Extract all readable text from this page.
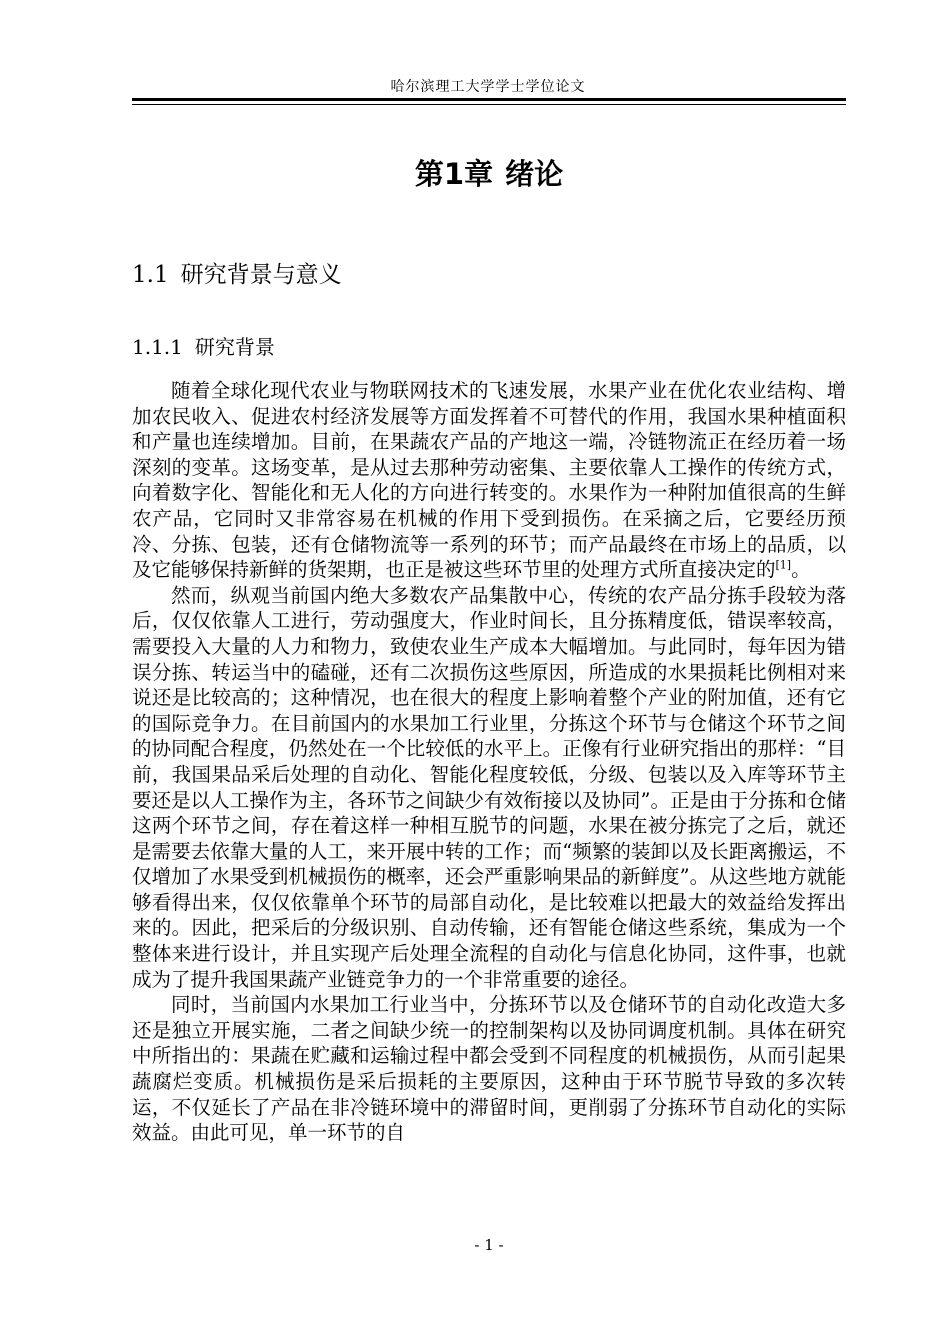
哈尔滨理工大学学士学位论文
第1章 绪论
1.1 研究背景与意义
1.1.1 研究背景

随着全球化现代农业与物联网技术的飞速发展，水果产业在优化农业结构、增加农民收入、促进农村经济发展等方面发挥着不可替代的作用，我国水果种植面积和产量也连续增加。目前，在果蔬农产品的产地这一端，冷链物流正在经历着一场深刻的变革。这场变革，是从过去那种劳动密集、主要依靠人工操作的传统方式，向着数字化、智能化和无人化的方向进行转变的。水果作为一种附加值很高的生鲜农产品，它同时又非常容易在机械的作用下受到损伤。在采摘之后，它要经历预冷、分拣、包装，还有仓储物流等一系列的环节；而产品最终在市场上的品质，以及它能够保持新鲜的货架期，也正是被这些环节里的处理方式所直接决定的[1]。

然而，纵观当前国内绝大多数农产品集散中心，传统的农产品分拣手段较为落后，仅仅依靠人工进行，劳动强度大，作业时间长，且分拣精度低，错误率较高，需要投入大量的人力和物力，致使农业生产成本大幅增加。与此同时，每年因为错误分拣、转运当中的磕碰，还有二次损伤这些原因，所造成的水果损耗比例相对来说还是比较高的；这种情况，也在很大的程度上影响着整个产业的附加值，还有它的国际竞争力。在目前国内的水果加工行业里，分拣这个环节与仓储这个环节之间的协同配合程度，仍然处在一个比较低的水平上。正像有行业研究指出的那样：“目前，我国果品采后处理的自动化、智能化程度较低，分级、包装以及入库等环节主要还是以人工操作为主，各环节之间缺少有效衔接以及协同”。正是由于分拣和仓储这两个环节之间，存在着这样一种相互脱节的问题，水果在被分拣完了之后，就还是需要去依靠大量的人工，来开展中转的工作；而“频繁的装卸以及长距离搬运，不仅增加了水果受到机械损伤的概率，还会严重影响果品的新鲜度”。从这些地方就能够看得出来，仅仅依靠单个环节的局部自动化，是比较难以把最大的效益给发挥出来的。因此，把采后的分级识别、自动传输，还有智能仓储这些系统，集成为一个整体来进行设计，并且实现产后处理全流程的自动化与信息化协同，这件事，也就成为了提升我国果蔬产业链竞争力的一个非常重要的途径。

同时，当前国内水果加工行业当中，分拣环节以及仓储环节的自动化改造大多还是独立开展实施，二者之间缺少统一的控制架构以及协同调度机制。具体在研究中所指出的：果蔬在贮藏和运输过程中都会受到不同程度的机械损伤，从而引起果蔬腐烂变质。机械损伤是采后损耗的主要原因，这种由于环节脱节导致的多次转运，不仅延长了产品在非冷链环境中的滞留时间，更削弱了分拣环节自动化的实际效益。由此可见，单一环节的自

- 1 -
